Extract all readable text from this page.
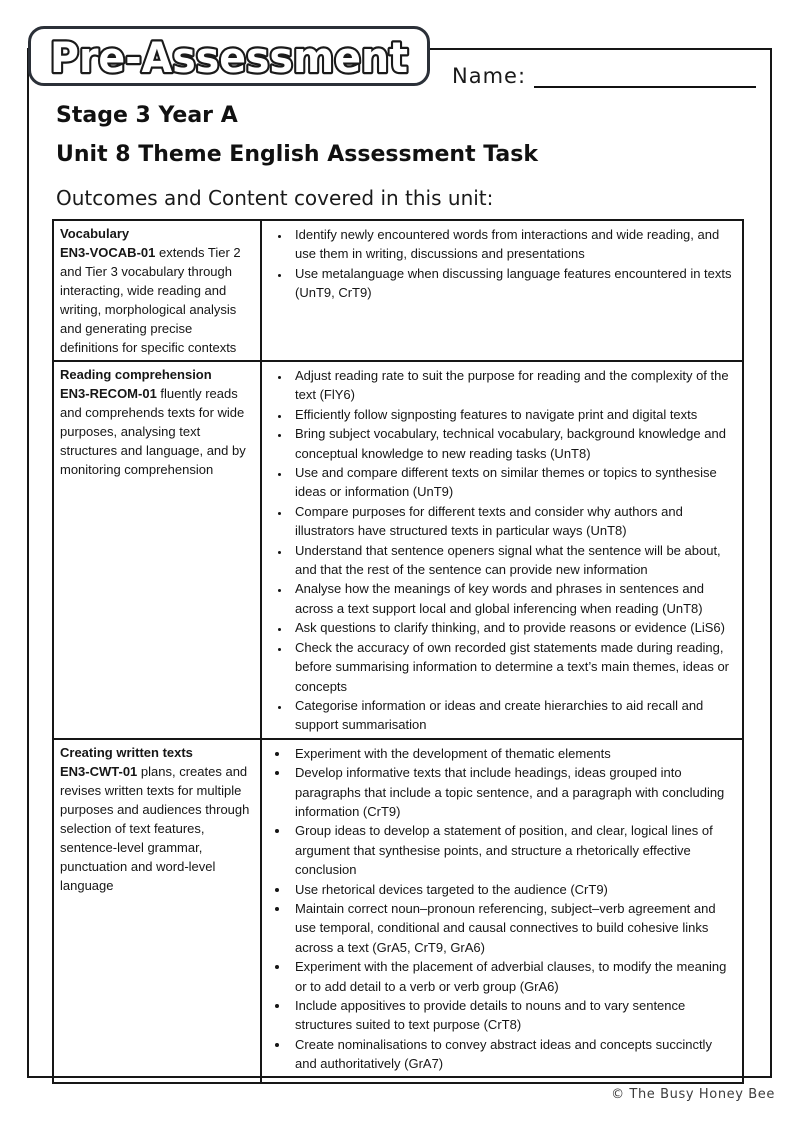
Pre-Assessment Name:
Stage 3 Year A
Unit 8 Theme English Assessment Task
Outcomes and Content covered in this unit:
Vocabulary
EN3-VOCAB-01 extends Tier 2 and Tier 3 vocabulary through interacting, wide reading and writing, morphological analysis and generating precise definitions for specific contexts	
• Identify newly encountered words from interactions and wide reading, and use them in writing, discussions and presentations
• Use metalanguage when discussing language features encountered in texts (UnT9, CrT9)

Reading comprehension
EN3-RECOM-01 fluently reads and comprehends texts for wide purposes, analysing text structures and language, and by monitoring comprehension	
• Adjust reading rate to suit the purpose for reading and the complexity of the text (FlY6)
• Efficiently follow signposting features to navigate print and digital texts
• Bring subject vocabulary, technical vocabulary, background knowledge and conceptual knowledge to new reading tasks (UnT8)
• Use and compare different texts on similar themes or topics to synthesise ideas or information (UnT9)
• Compare purposes for different texts and consider why authors and illustrators have structured texts in particular ways (UnT8)
• Understand that sentence openers signal what the sentence will be about, and that the rest of the sentence can provide new information
• Analyse how the meanings of key words and phrases in sentences and across a text support local and global inferencing when reading (UnT8)
• Ask questions to clarify thinking, and to provide reasons or evidence (LiS6)
• Check the accuracy of own recorded gist statements made during reading, before summarising information to determine a text’s main themes, ideas or concepts
• Categorise information or ideas and create hierarchies to aid recall and support summarisation

Creating written texts
EN3-CWT-01 plans, creates and revises written texts for multiple purposes and audiences through selection of text features, sentence-level grammar, punctuation and word-level language	
• Experiment with the development of thematic elements
• Develop informative texts that include headings, ideas grouped into paragraphs that include a topic sentence, and a paragraph with concluding information (CrT9)
• Group ideas to develop a statement of position, and clear, logical lines of argument that synthesise points, and structure a rhetorically effective conclusion
• Use rhetorical devices targeted to the audience (CrT9)
• Maintain correct noun–pronoun referencing, subject–verb agreement and use temporal, conditional and causal connectives to build cohesive links across a text (GrA5, CrT9, GrA6)
• Experiment with the placement of adverbial clauses, to modify the meaning or to add detail to a verb or verb group (GrA6)
• Include appositives to provide details to nouns and to vary sentence structures suited to text purpose (CrT8)
• Create nominalisations to convey abstract ideas and concepts succinctly and authoritatively (GrA7)
© The Busy Honey Bee
